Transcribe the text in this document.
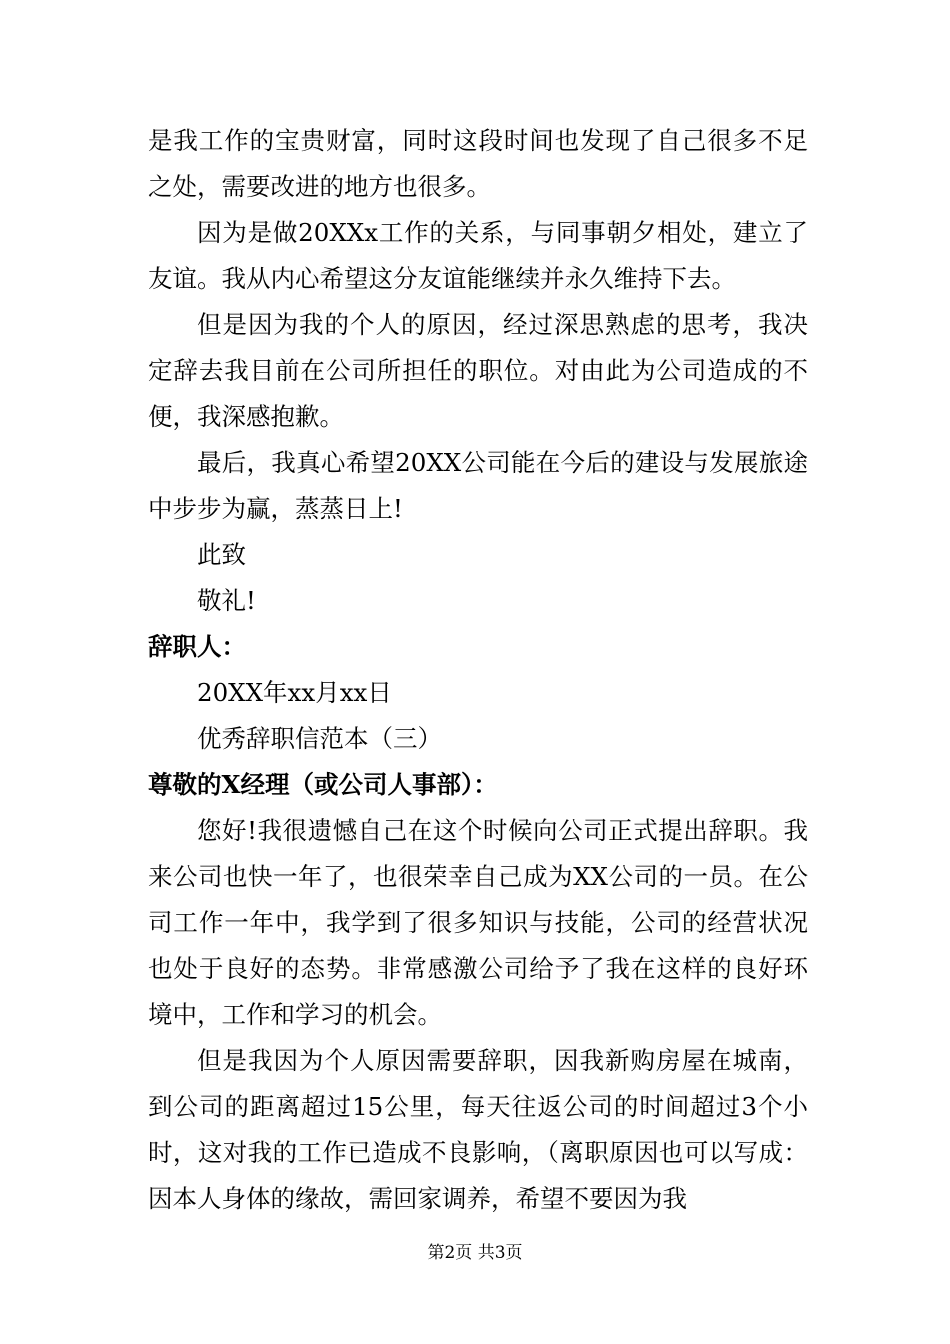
是我工作的宝贵财富，同时这段时间也发现了自己很多不足之处，需要改进的地方也很多。

因为是做20XXx工作的关系，与同事朝夕相处，建立了友谊。我从内心希望这分友谊能继续并永久维持下去。

但是因为我的个人的原因，经过深思熟虑的思考，我决定辞去我目前在公司所担任的职位。对由此为公司造成的不便，我深感抱歉。

最后，我真心希望20XX公司能在今后的建设与发展旅途中步步为赢，蒸蒸日上!

此致

敬礼!

辞职人：

20XX年xx月xx日

优秀辞职信范本（三）

尊敬的X经理（或公司人事部）：

您好!我很遗憾自己在这个时候向公司正式提出辞职。我来公司也快一年了，也很荣幸自己成为XX公司的一员。在公司工作一年中，我学到了很多知识与技能，公司的经营状况也处于良好的态势。非常感激公司给予了我在这样的良好环境中，工作和学习的机会。

但是我因为个人原因需要辞职，因我新购房屋在城南，到公司的距离超过15公里，每天往返公司的时间超过3个小时，这对我的工作已造成不良影响，（离职原因也可以写成：因本人身体的缘故，需回家调养，希望不要因为我

第2页 共3页
